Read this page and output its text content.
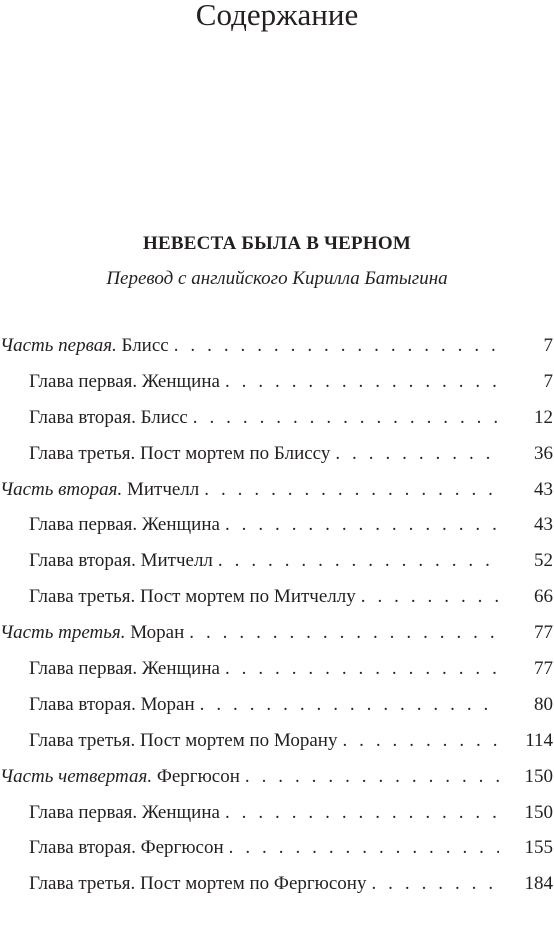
Содержание
НЕВЕСТА БЫЛА В ЧЕРНОМ
Перевод с английского Кирилла Батыгина
Часть первая. Блисс . . .	7
Глава первая. Женщина . . .	7
Глава вторая. Блисс . . .	12
Глава третья. Пост мортем по Блиссу . . .	36
Часть вторая. Митчелл . . .	43
Глава первая. Женщина . . .	43
Глава вторая. Митчелл . . .	52
Глава третья. Пост мортем по Митчеллу . . .	66
Часть третья. Моран . . .	77
Глава первая. Женщина . . .	77
Глава вторая. Моран . . .	80
Глава третья. Пост мортем по Морану . . .	114
Часть четвертая. Фергюсон . . .	150
Глава первая. Женщина . . .	150
Глава вторая. Фергюсон . . .	155
Глава третья. Пост мортем по Фергюсону . . .	184
